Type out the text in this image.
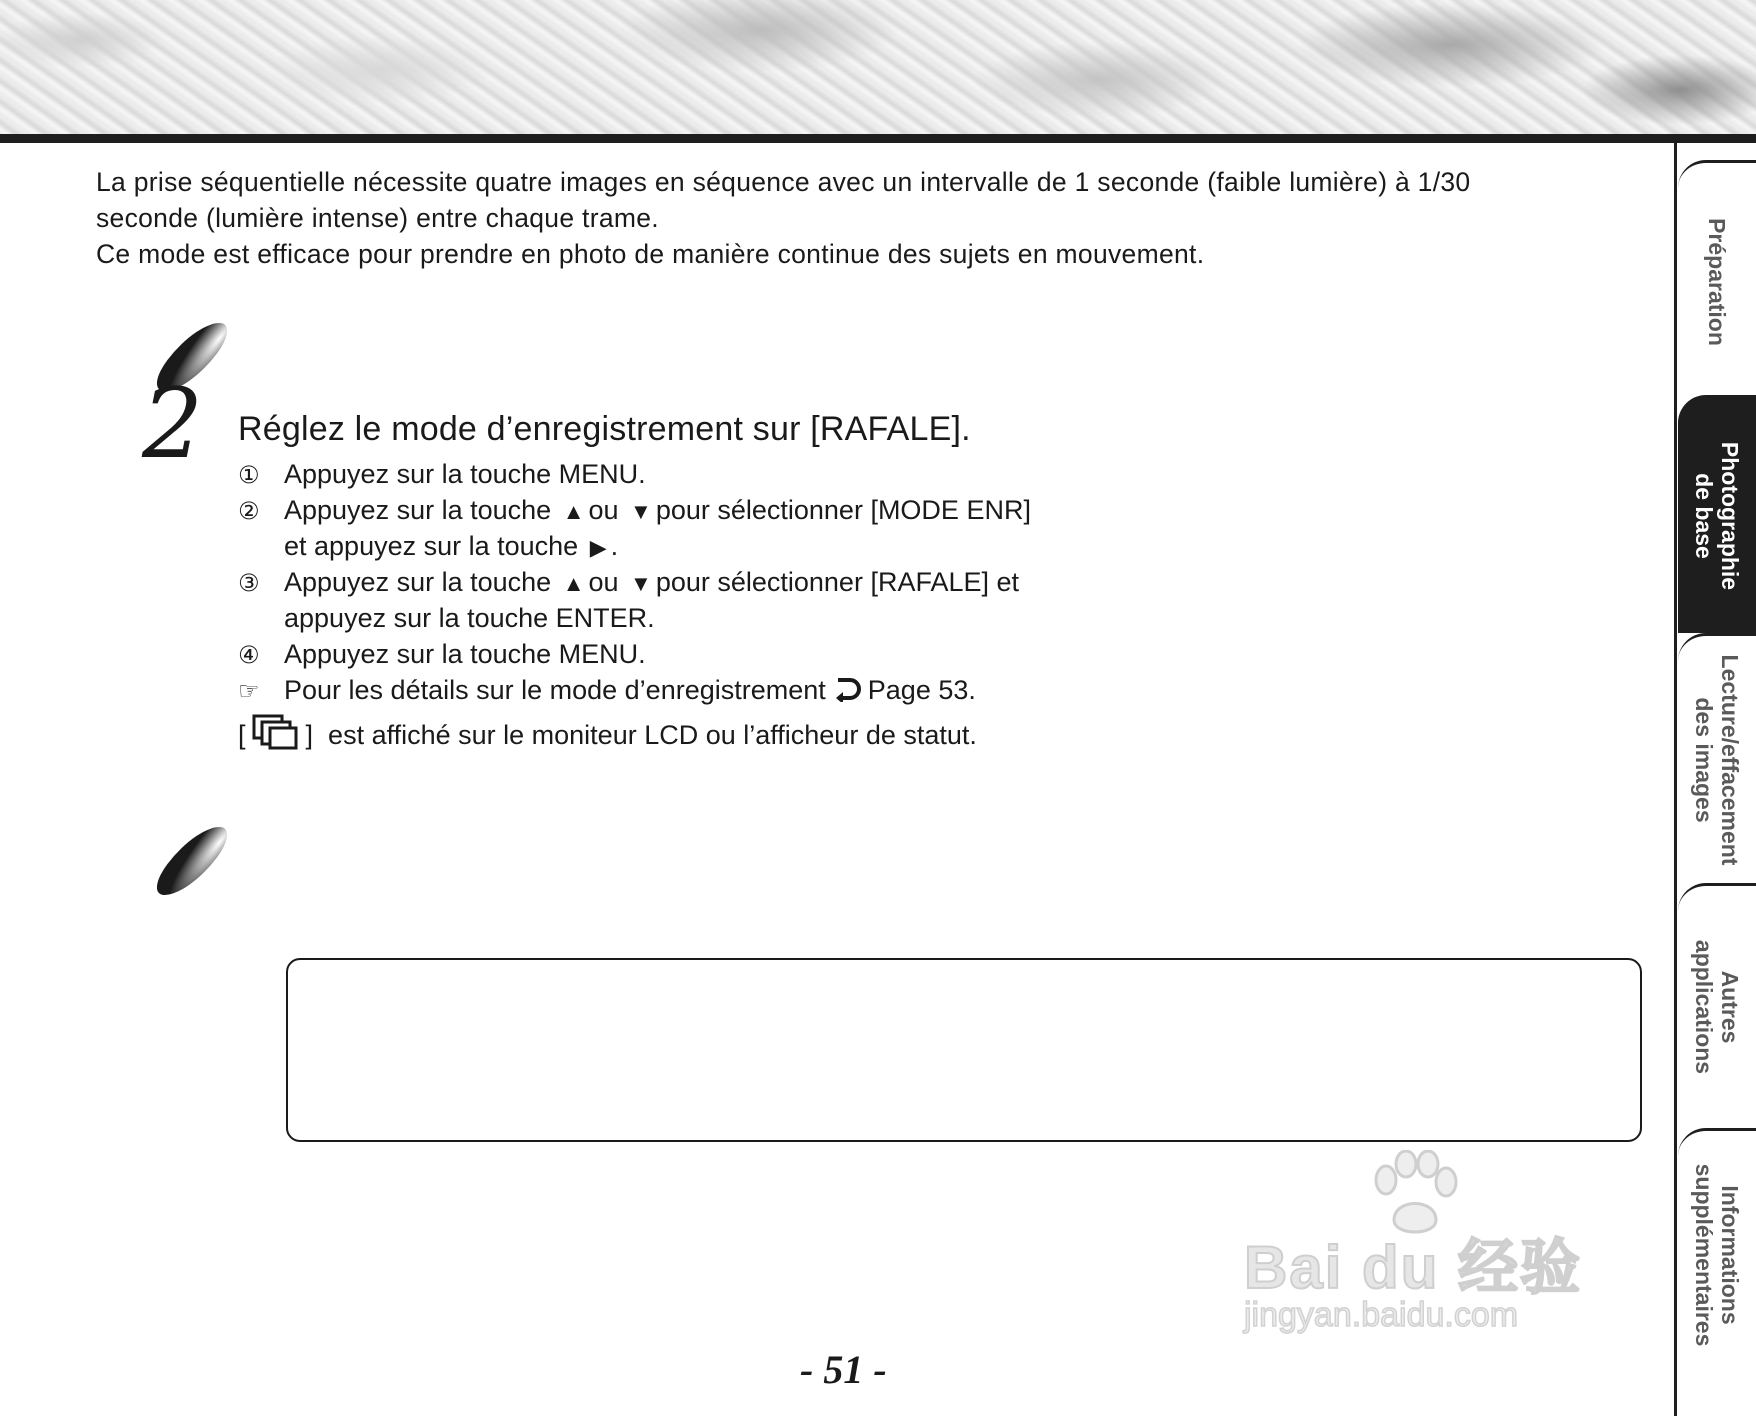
La prise séquentielle nécessite quatre images en séquence avec un intervalle de 1 seconde (faible lumière) à 1/30

seconde (lumière intense) entre chaque trame.

Ce mode est efficace pour prendre en photo de manière continue des sujets en mouvement.

2 Réglez le mode d’enregistrement sur [RAFALE].
① Appuyez sur la touche MENU.
② Appuyez sur la touche ▲ ou ▼ pour sélectionner [MODE ENR]
et appuyez sur la touche ▶ .
③ Appuyez sur la touche ▲ ou ▼ pour sélectionner [RAFALE] et
appuyez sur la touche ENTER.
④ Appuyez sur la touche MENU.
☞ Pour les détails sur le mode d’enregistrement Page 53.
[ ] est affiché sur le moniteur LCD ou l’afficheur de statut.
Bai du 经验
jingyan.baidu.com
- 51 -
Préparation
Photographie
de base
Lecture/effacement
des images
Autres
applications
Informations
supplémentaires
